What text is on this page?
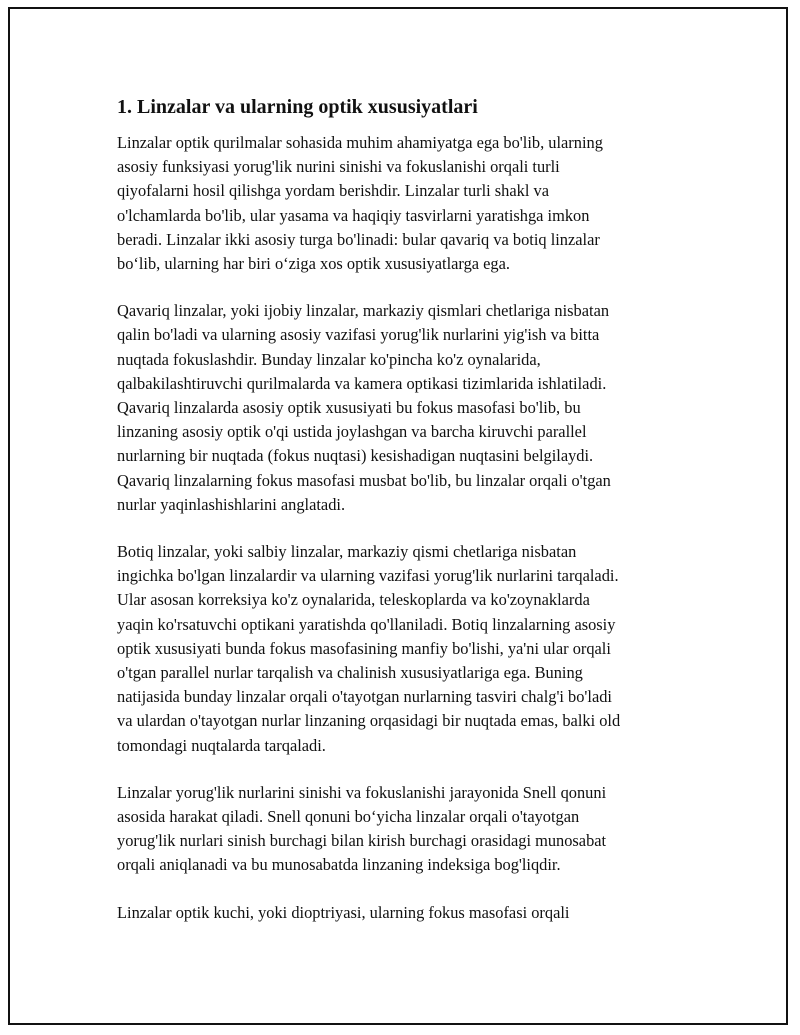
1. Linzalar va ularning optik xususiyatlari

Linzalar optik qurilmalar sohasida muhim ahamiyatga ega bo'lib, ularning
asosiy funksiyasi yorug'lik nurini sinishi va fokuslanishi orqali turli
qiyofalarni hosil qilishga yordam berishdir. Linzalar turli shakl va
o'lchamlarda bo'lib, ular yasama va haqiqiy tasvirlarni yaratishga imkon
beradi. Linzalar ikki asosiy turga bo'linadi: bular qavariq va botiq linzalar
bo‘lib, ularning har biri o‘ziga xos optik xususiyatlarga ega.

Qavariq linzalar, yoki ijobiy linzalar, markaziy qismlari chetlariga nisbatan
qalin bo'ladi va ularning asosiy vazifasi yorug'lik nurlarini yig'ish va bitta
nuqtada fokuslashdir. Bunday linzalar ko'pincha ko'z oynalarida,
qalbakilashtiruvchi qurilmalarda va kamera optikasi tizimlarida ishlatiladi.
Qavariq linzalarda asosiy optik xususiyati bu fokus masofasi bo'lib, bu
linzaning asosiy optik o'qi ustida joylashgan va barcha kiruvchi parallel
nurlarning bir nuqtada (fokus nuqtasi) kesishadigan nuqtasini belgilaydi.
Qavariq linzalarning fokus masofasi musbat bo'lib, bu linzalar orqali o'tgan
nurlar yaqinlashishlarini anglatadi.

Botiq linzalar, yoki salbiy linzalar, markaziy qismi chetlariga nisbatan
ingichka bo'lgan linzalardir va ularning vazifasi yorug'lik nurlarini tarqaladi.
Ular asosan korreksiya ko'z oynalarida, teleskoplarda va ko'zoynaklarda
yaqin ko'rsatuvchi optikani yaratishda qo'llaniladi. Botiq linzalarning asosiy
optik xususiyati bunda fokus masofasining manfiy bo'lishi, ya'ni ular orqali
o'tgan parallel nurlar tarqalish va chalinish xususiyatlariga ega. Buning
natijasida bunday linzalar orqali o'tayotgan nurlarning tasviri chalg'i bo'ladi
va ulardan o'tayotgan nurlar linzaning orqasidagi bir nuqtada emas, balki old
tomondagi nuqtalarda tarqaladi.

Linzalar yorug'lik nurlarini sinishi va fokuslanishi jarayonida Snell qonuni
asosida harakat qiladi. Snell qonuni bo‘yicha linzalar orqali o'tayotgan
yorug'lik nurlari sinish burchagi bilan kirish burchagi orasidagi munosabat
orqali aniqlanadi va bu munosabatda linzaning indeksiga bog'liqdir.

Linzalar optik kuchi, yoki dioptriyasi, ularning fokus masofasi orqali
